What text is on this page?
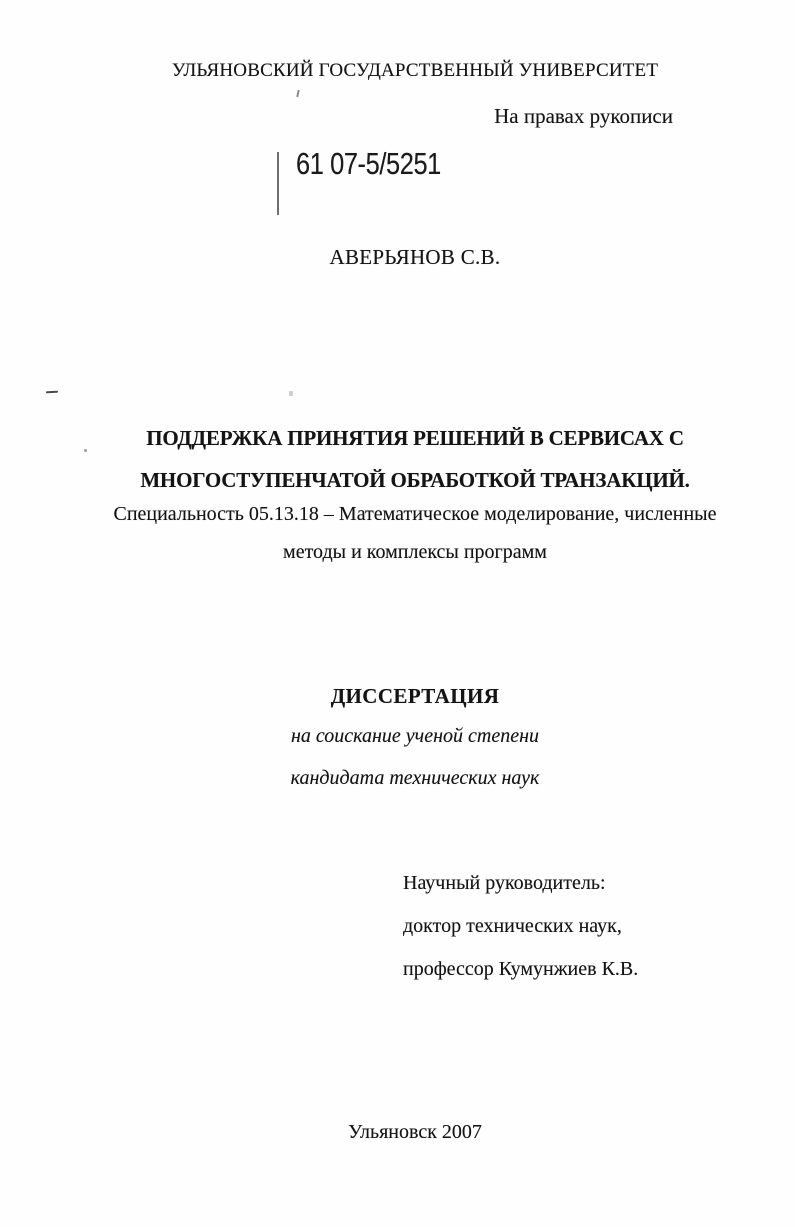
УЛЬЯНОВСКИЙ ГОСУДАРСТВЕННЫЙ УНИВЕРСИТЕТ
На правах рукописи
61 07-5/5251
АВЕРЬЯНОВ С.В.
ПОДДЕРЖКА ПРИНЯТИЯ РЕШЕНИЙ В СЕРВИСАХ С
МНОГОСТУПЕНЧАТОЙ ОБРАБОТКОЙ ТРАНЗАКЦИЙ.
Специальность 05.13.18 – Математическое моделирование, численные
методы и комплексы программ
ДИССЕРТАЦИЯ
на соискание ученой степени
кандидата технических наук
Научный руководитель:
доктор технических наук,
профессор Кумунжиев К.В.
Ульяновск 2007
